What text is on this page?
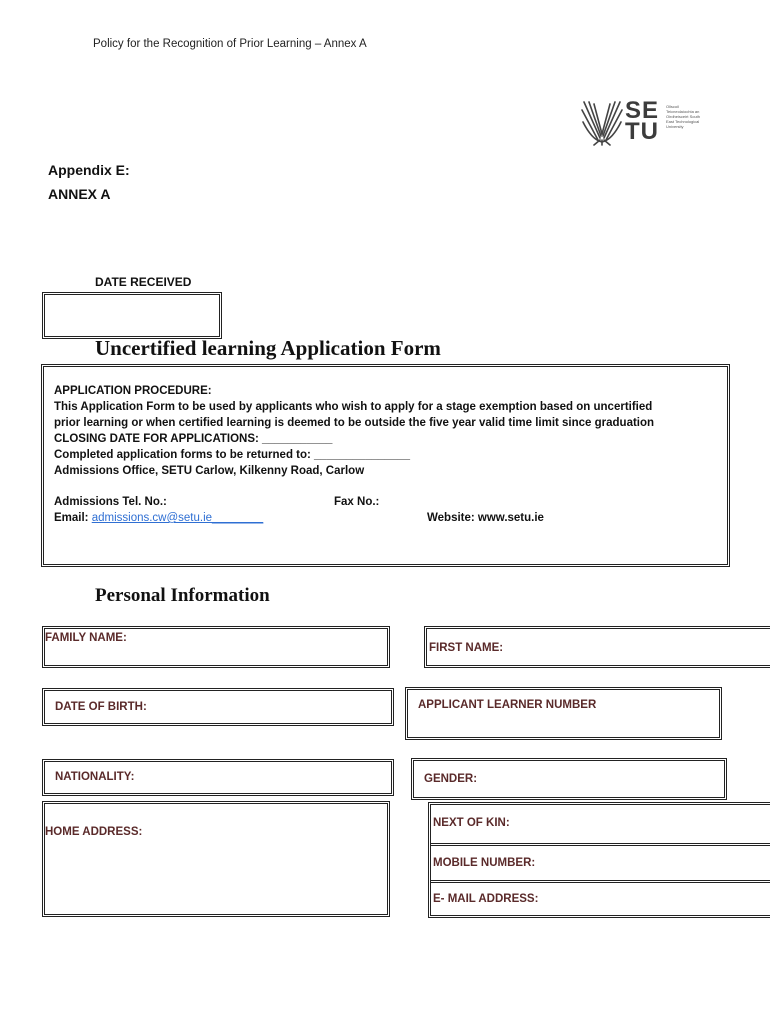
Policy for the Recognition of Prior Learning – Annex A
SE
TU
Ollscoil Teicneolaíochta an Oirdheisceirt South East Technological University
Appendix E:
ANNEX A
DATE RECEIVED
Uncertified learning Application Form
APPLICATION PROCEDURE:
This Application Form to be used by applicants who wish to apply for a stage exemption based on uncertified
prior learning or when certified learning is deemed to be outside the five year valid time limit since graduation
CLOSING DATE FOR APPLICATIONS: ___________
Completed application forms to be returned to: _______________
Admissions Office, SETU Carlow, Kilkenny Road, Carlow
Admissions Tel. No.:	Fax No.:
Email: admissions.cw@setu.ie________	Website: www.setu.ie
Personal Information
FAMILY NAME:
FIRST NAME:
DATE OF BIRTH:	APPLICANT LEARNER NUMBER
NATIONALITY:	GENDER:
HOME ADDRESS:
NEXT OF KIN:
MOBILE NUMBER:
E- MAIL ADDRESS:
